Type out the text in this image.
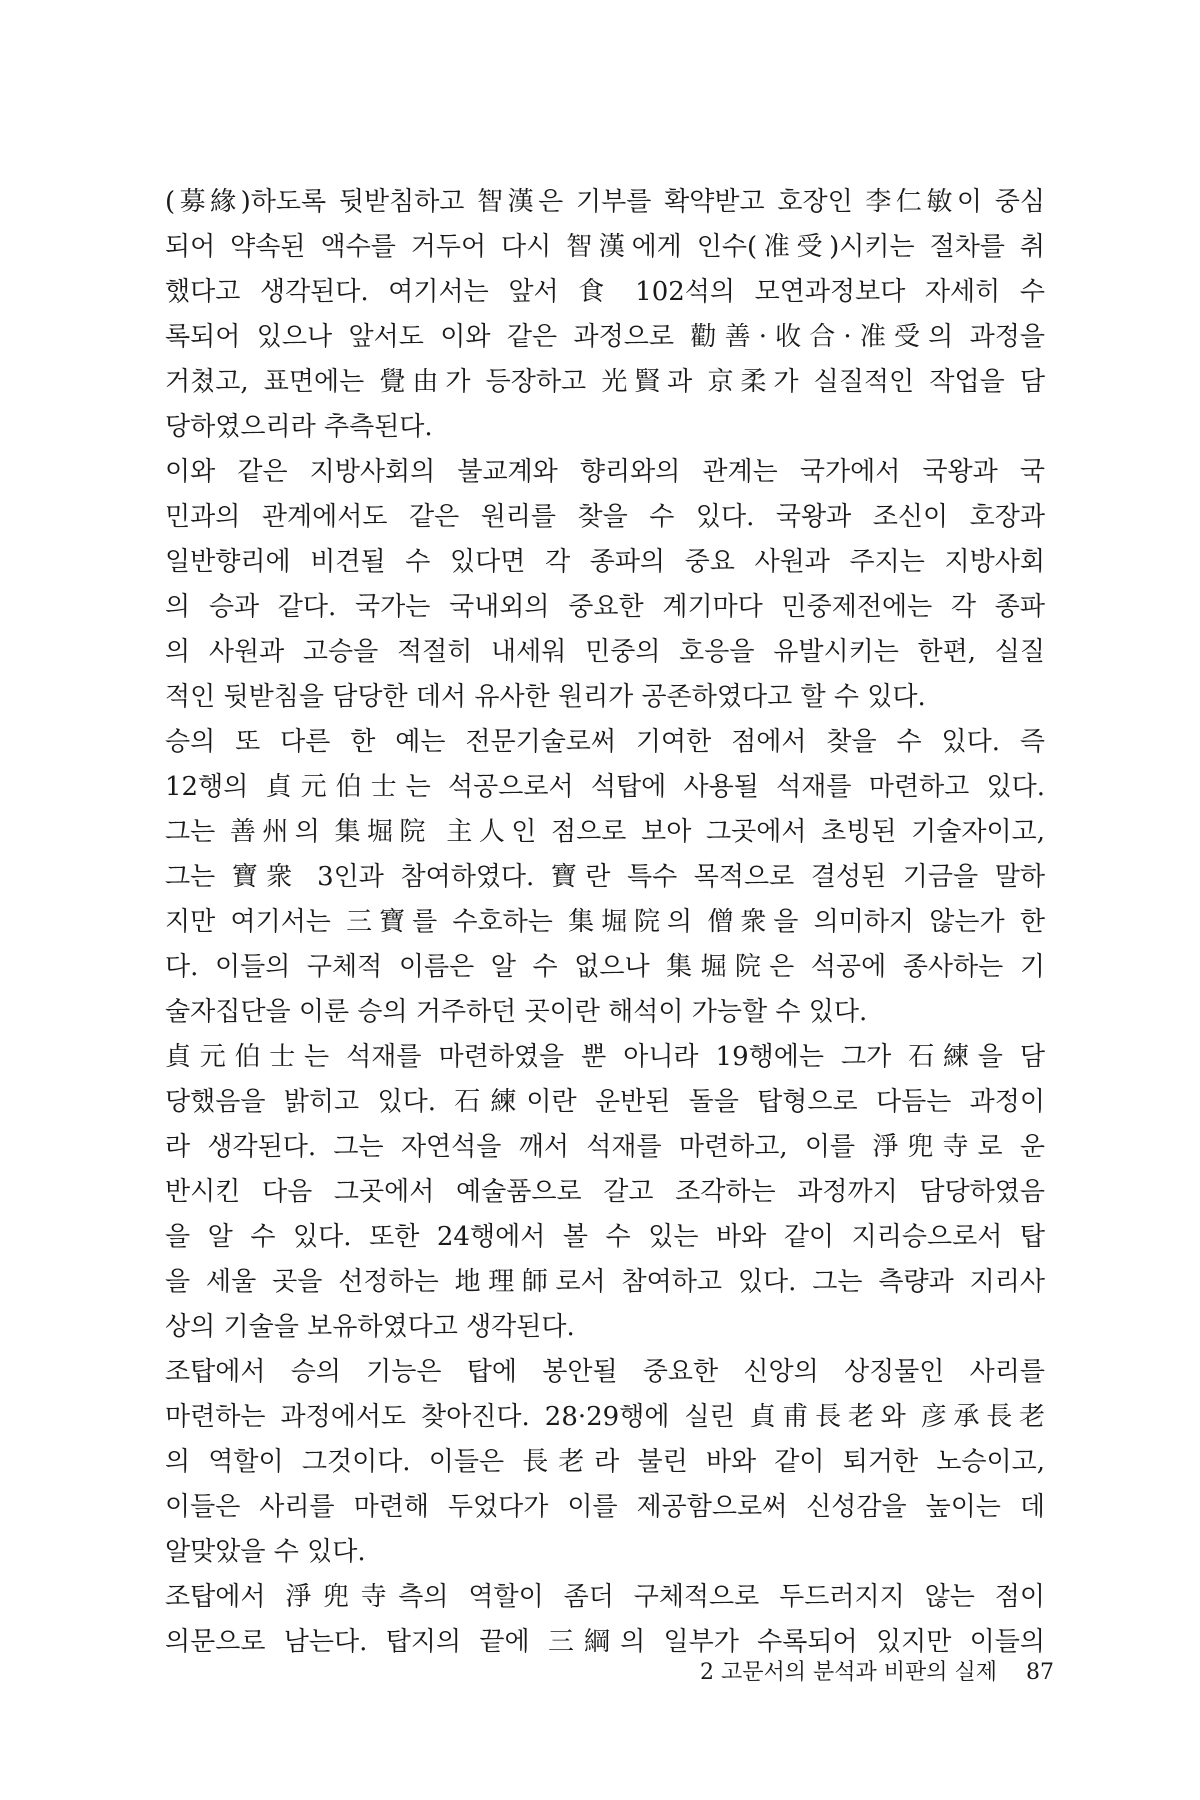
(募緣)하도록 뒷받침하고 智漢은 기부를 확약받고 호장인 李仁敏이 중심
되어 약속된 액수를 거두어 다시 智漢에게 인수(准受)시키는 절차를 취
했다고 생각된다. 여기서는 앞서 食 102석의 모연과정보다 자세히 수
록되어 있으나 앞서도 이와 같은 과정으로 勸善·收合·准受의 과정을
거쳤고, 표면에는 覺由가 등장하고 光賢과 京柔가 실질적인 작업을 담
당하였으리라 추측된다.
이와 같은 지방사회의 불교계와 향리와의 관계는 국가에서 국왕과 국
민과의 관계에서도 같은 원리를 찾을 수 있다. 국왕과 조신이 호장과
일반향리에 비견될 수 있다면 각 종파의 중요 사원과 주지는 지방사회
의 승과 같다. 국가는 국내외의 중요한 계기마다 민중제전에는 각 종파
의 사원과 고승을 적절히 내세워 민중의 호응을 유발시키는 한편, 실질
적인 뒷받침을 담당한 데서 유사한 원리가 공존하였다고 할 수 있다.
승의 또 다른 한 예는 전문기술로써 기여한 점에서 찾을 수 있다. 즉
12행의 貞元伯士는 석공으로서 석탑에 사용될 석재를 마련하고 있다.
그는 善州의 集堀院 主人인 점으로 보아 그곳에서 초빙된 기술자이고,
그는 寶衆 3인과 참여하였다. 寶란 특수 목적으로 결성된 기금을 말하
지만 여기서는 三寶를 수호하는 集堀院의 僧衆을 의미하지 않는가 한
다. 이들의 구체적 이름은 알 수 없으나 集堀院은 석공에 종사하는 기
술자집단을 이룬 승의 거주하던 곳이란 해석이 가능할 수 있다.
貞元伯士는 석재를 마련하였을 뿐 아니라 19행에는 그가 石練을 담
당했음을 밝히고 있다. 石練이란 운반된 돌을 탑형으로 다듬는 과정이
라 생각된다. 그는 자연석을 깨서 석재를 마련하고, 이를 淨兜寺로 운
반시킨 다음 그곳에서 예술품으로 갈고 조각하는 과정까지 담당하였음
을 알 수 있다. 또한 24행에서 볼 수 있는 바와 같이 지리승으로서 탑
을 세울 곳을 선정하는 地理師로서 참여하고 있다. 그는 측량과 지리사
상의 기술을 보유하였다고 생각된다.
조탑에서 승의 기능은 탑에 봉안될 중요한 신앙의 상징물인 사리를
마련하는 과정에서도 찾아진다. 28·29행에 실린 貞甫長老와 彦承長老
의 역할이 그것이다. 이들은 長老라 불린 바와 같이 퇴거한 노승이고,
이들은 사리를 마련해 두었다가 이를 제공함으로써 신성감을 높이는 데
알맞았을 수 있다.
조탑에서 淨兜寺측의 역할이 좀더 구체적으로 두드러지지 않는 점이
의문으로 남는다. 탑지의 끝에 三綱의 일부가 수록되어 있지만 이들의
2 고문서의 분석과 비판의 실제 87
